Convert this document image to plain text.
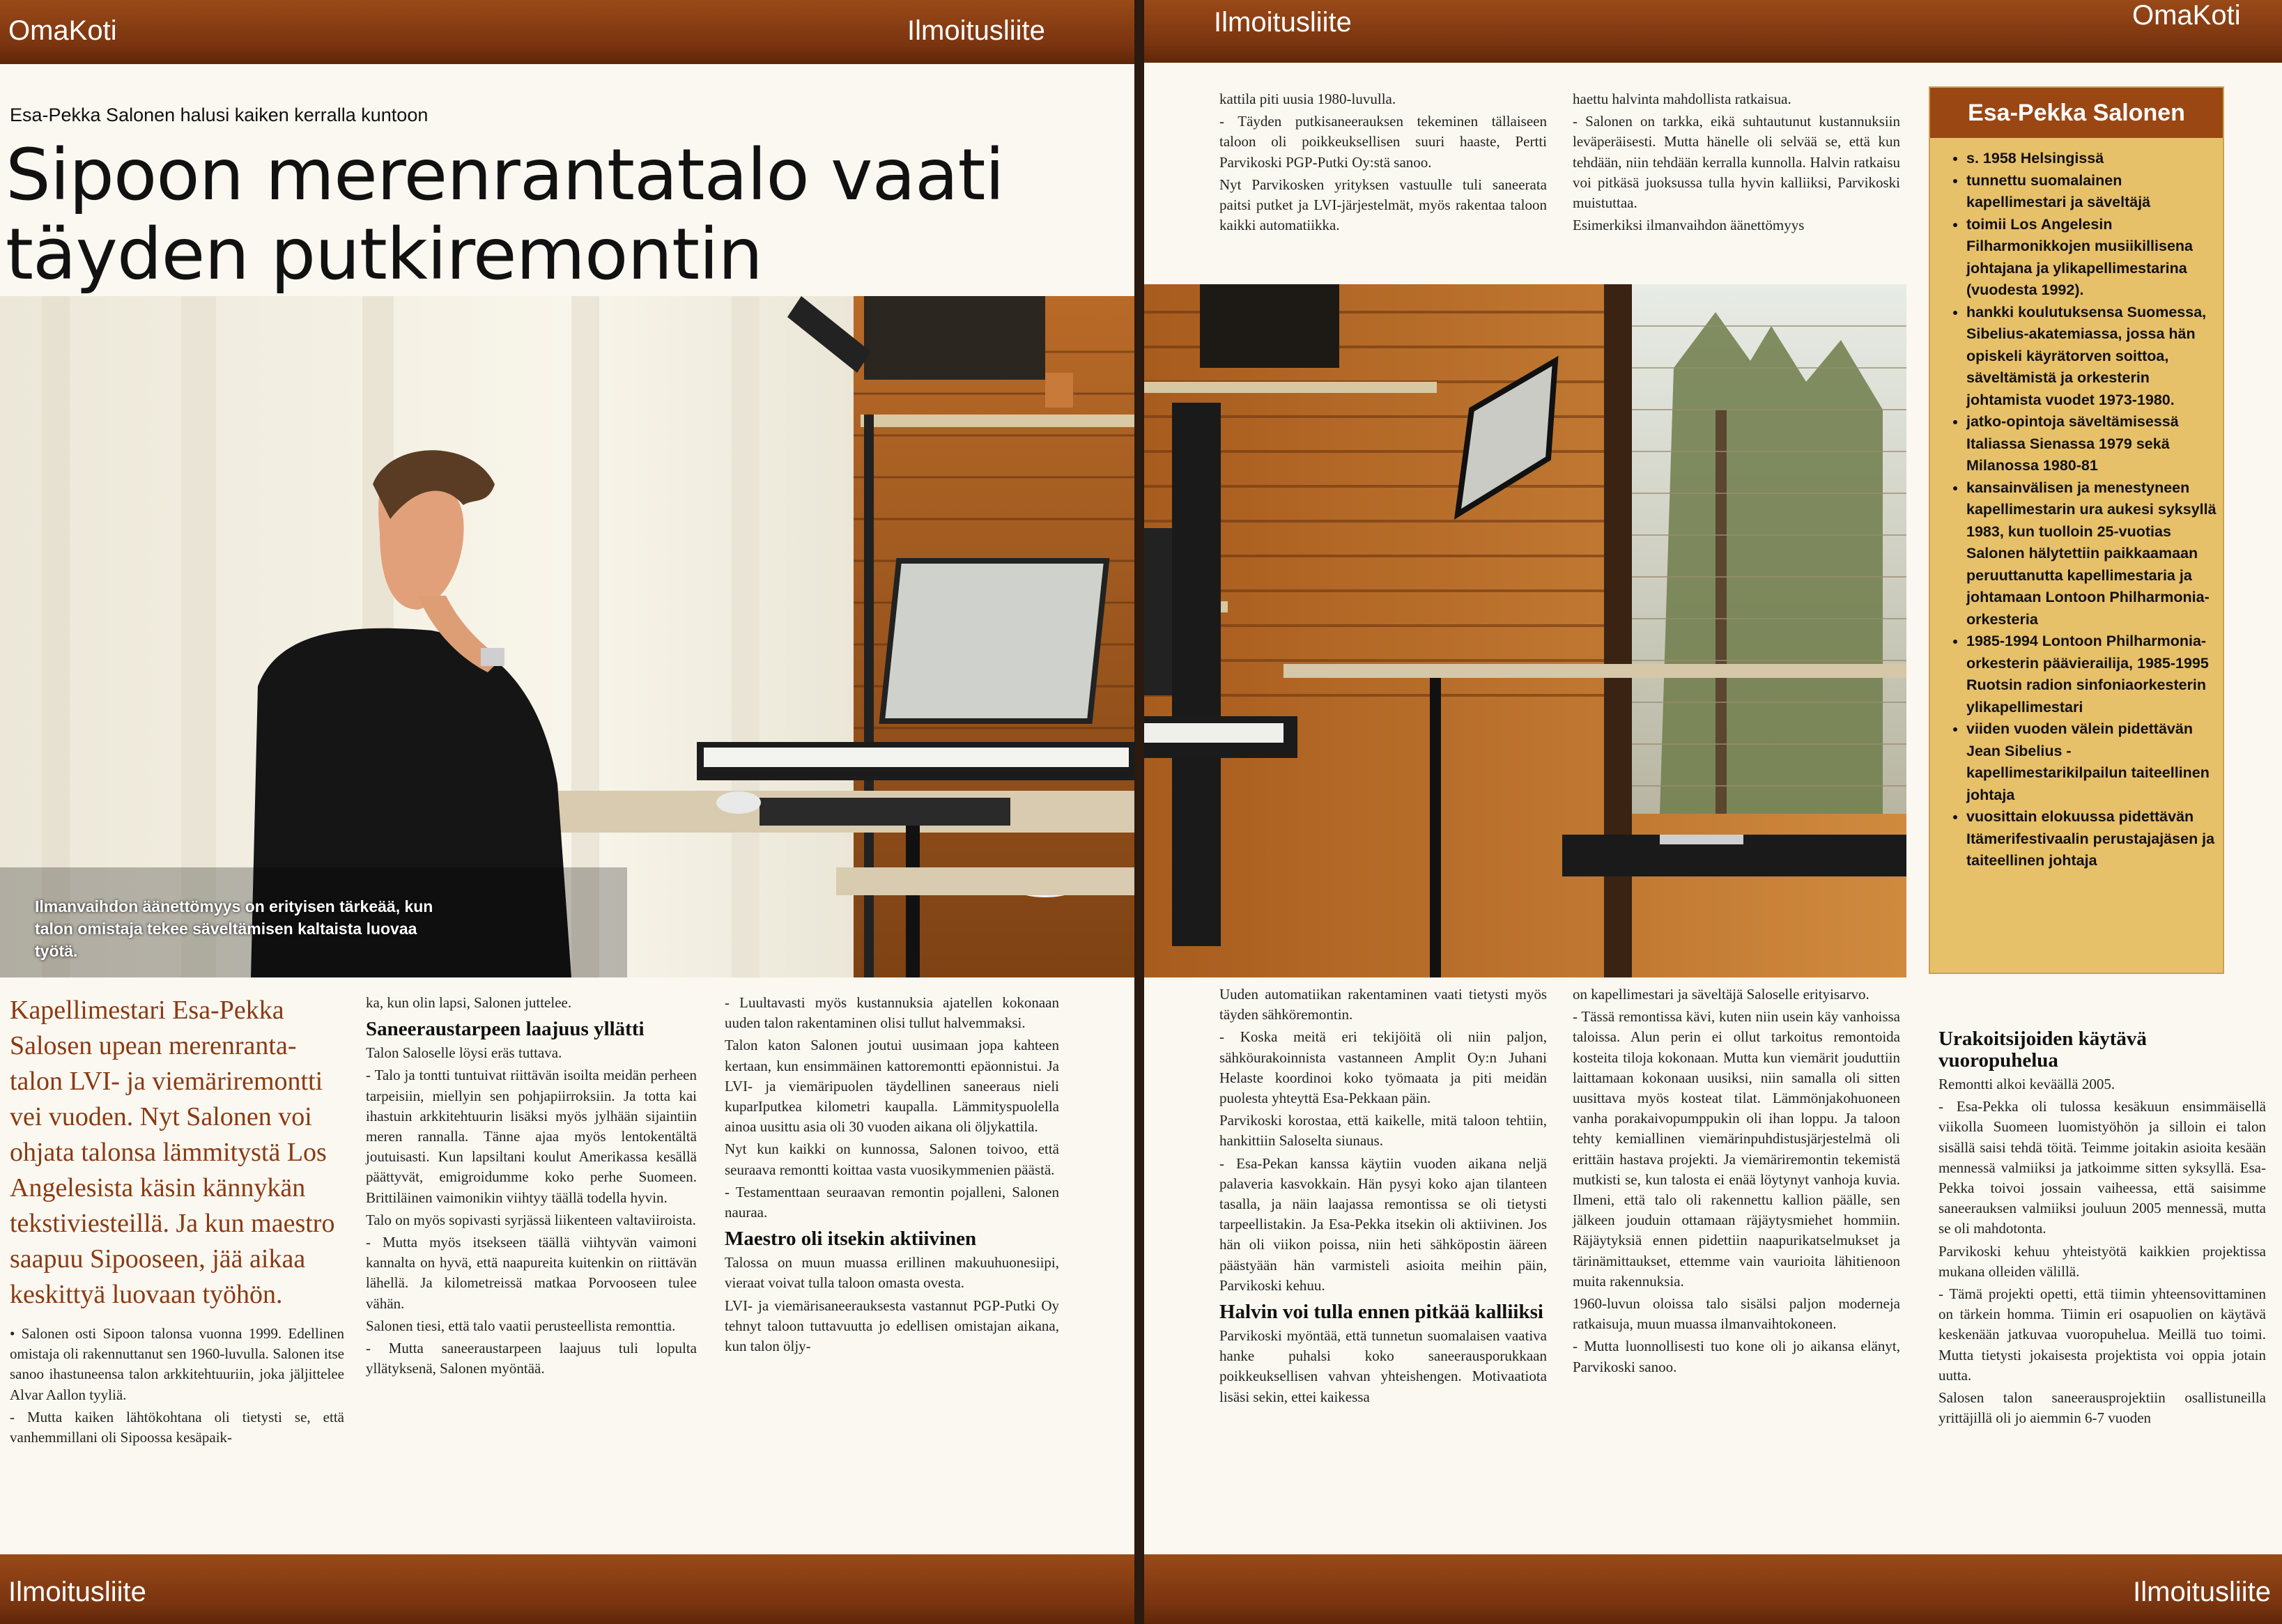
OmaKoti	Ilmoitusliite
Esa-Pekka Salonen halusi kaiken kerralla kuntoon
Sipoon merenrantatalo vaati täyden putkiremontin
Ilmanvaihdon äänettömyys on erityisen tärkeää, kun talon omistaja tekee säveltämisen kaltaista luovaa työtä.

Kapellimestari Esa-Pekka Salosen upean merenranta-talon LVI- ja viemäriremontti vei vuoden. Nyt Salonen voi ohjata talonsa lämmitystä Los Angelesista käsin kännykän tekstiviesteillä. Ja kun maestro saapuu Sipooseen, jää aikaa keskittyä luovaan työhön.

• Salonen osti Sipoon talonsa vuonna 1999. Edellinen omistaja oli rakennuttanut sen 1960-luvulla. Salonen itse sanoo ihastuneensa talon arkkitehtuuriin, joka jäljittelee Alvar Aallon tyyliä.

- Mutta kaiken lähtökohtana oli tietysti se, että vanhemmillani oli Sipoossa kesäpaik-

ka, kun olin lapsi, Salonen juttelee.

Saneeraustarpeen laajuus yllätti

Talon Saloselle löysi eräs tuttava.

- Talo ja tontti tuntuivat riittävän isoilta meidän perheen tarpeisiin, miellyin sen pohjapiirroksiin. Ja totta kai ihastuin arkkitehtuurin lisäksi myös jylhään sijaintiin meren rannalla. Tänne ajaa myös lentokentältä joutuisasti. Kun lapsiltani koulut Amerikassa kesällä päättyvät, emigroidumme koko perhe Suomeen. Brittiläinen vaimonikin viihtyy täällä todella hyvin.

Talo on myös sopivasti syrjässä liikenteen valtaviiroista.

- Mutta myös itsekseen täällä viihtyvän vaimoni kannalta on hyvä, että naapureita kuitenkin on riittävän lähellä. Ja kilometreissä matkaa Porvooseen tulee vähän.

Salonen tiesi, että talo vaatii perusteellista remonttia.

- Mutta saneeraustarpeen laajuus tuli lopulta yllätyksenä, Salonen myöntää.

- Luultavasti myös kustannuksia ajatellen kokonaan uuden talon rakentaminen olisi tullut halvemmaksi.

Talon katon Salonen joutui uusimaan jopa kahteen kertaan, kun ensimmäinen kattoremontti epäonnistui. Ja LVI- ja viemäripuolen täydellinen saneeraus nieli kuparIputkea kilometri kaupalla. Lämmityspuolella ainoa uusittu asia oli 30 vuoden aikana oli öljykattila.

Nyt kun kaikki on kunnossa, Salonen toivoo, että seuraava remontti koittaa vasta vuosikymmenien päästä.

- Testamenttaan seuraavan remontin pojalleni, Salonen nauraa.

Maestro oli itsekin aktiivinen

Talossa on muun muassa erillinen makuuhuonesiipi, vieraat voivat tulla taloon omasta ovesta.

LVI- ja viemärisaneerauksesta vastannut PGP-Putki Oy tehnyt taloon tuttavuutta jo edellisen omistajan aikana, kun talon öljy-

Ilmoitusliite
Ilmoitusliite	OmaKoti

kattila piti uusia 1980-luvulla.

- Täyden putkisaneerauksen tekeminen tällaiseen taloon oli poikkeuksellisen suuri haaste, Pertti Parvikoski PGP-Putki Oy:stä sanoo.

Nyt Parvikosken yrityksen vastuulle tuli saneerata paitsi putket ja LVI-järjestelmät, myös rakentaa taloon kaikki automatiikka.

haettu halvinta mahdollista ratkaisua.

- Salonen on tarkka, eikä suhtautunut kustannuksiin leväperäisesti. Mutta hänelle oli selvää se, että kun tehdään, niin tehdään kerralla kunnolla. Halvin ratkaisu voi pitkäsä juoksussa tulla hyvin kalliiksi, Parvikoski muistuttaa.

Esimerkiksi ilmanvaihdon äänettömyys

Uuden automatiikan rakentaminen vaati tietysti myös täyden sähköremontin.

- Koska meitä eri tekijöitä oli niin paljon, sähköurakoinnista vastanneen Amplit Oy:n Juhani Helaste koordinoi koko työmaata ja piti meidän puolesta yhteyttä Esa-Pekkaan päin.

Parvikoski korostaa, että kaikelle, mitä taloon tehtiin, hankittiin Saloselta siunaus.

- Esa-Pekan kanssa käytiin vuoden aikana neljä palaveria kasvokkain. Hän pysyi koko ajan tilanteen tasalla, ja näin laajassa remontissa se oli tietysti tarpeellistakin. Ja Esa-Pekka itsekin oli aktiivinen. Jos hän oli viikon poissa, niin heti sähköpostin ääreen päästyään hän varmisteli asioita meihin päin, Parvikoski kehuu.

Halvin voi tulla ennen pitkää kalliiksi

Parvikoski myöntää, että tunnetun suomalaisen vaativa hanke puhalsi koko saneerausporukkaan poikkeuksellisen vahvan yhteishengen. Motivaatiota lisäsi sekin, ettei kaikessa

on kapellimestari ja säveltäjä Saloselle erityisarvo.

- Tässä remontissa kävi, kuten niin usein käy vanhoissa taloissa. Alun perin ei ollut tarkoitus remontoida kosteita tiloja kokonaan. Mutta kun viemärit jouduttiin laittamaan kokonaan uusiksi, niin samalla oli sitten uusittava myös kosteat tilat. Lämmönjakohuoneen vanha porakaivopumppukin oli ihan loppu. Ja taloon tehty kemiallinen viemärinpuhdistusjärjestelmä oli erittäin hastava projekti. Ja viemäriremontin tekemistä mutkisti se, kun talosta ei enää löytynyt vanhoja kuvia. Ilmeni, että talo oli rakennettu kallion päälle, sen jälkeen jouduin ottamaan räjäytysmiehet hommiin. Räjäytyksiä ennen pidettiin naapurikatselmukset ja tärinämittaukset, ettemme vain vaurioita lähitienoon muita rakennuksia.

1960-luvun oloissa talo sisälsi paljon moderneja ratkaisuja, muun muassa ilmanvaihtokoneen.

- Mutta luonnollisesti tuo kone oli jo aikansa elänyt, Parvikoski sanoo.

Urakoitsijoiden käytävä vuoropuhelua

Remontti alkoi keväällä 2005.

- Esa-Pekka oli tulossa kesäkuun ensimmäisellä viikolla Suomeen luomistyöhön ja silloin ei talon sisällä saisi tehdä töitä. Teimme joitakin asioita kesään mennessä valmiiksi ja jatkoimme sitten syksyllä. Esa-Pekka toivoi jossain vaiheessa, että saisimme saneerauksen valmiiksi jouluun 2005 mennessä, mutta se oli mahdotonta.

Parvikoski kehuu yhteistyötä kaikkien projektissa mukana olleiden välillä.

- Tämä projekti opetti, että tiimin yhteensovittaminen on tärkein homma. Tiimin eri osapuolien on käytävä keskenään jatkuvaa vuoropuhelua. Meillä tuo toimi. Mutta tietysti jokaisesta projektista voi oppia jotain uutta.

Salosen talon saneerausprojektiin osallistuneilla yrittäjillä oli jo aiemmin 6-7 vuoden

Esa-Pekka Salonen
• s. 1958 Helsingissä
• tunnettu suomalainen kapellimestari ja säveltäjä
• toimii Los Angelesin Filharmonikkojen musiikillisena johtajana ja ylikapellimestarina (vuodesta 1992).
• hankki koulutuksensa Suomessa, Sibelius-akatemiassa, jossa hän opiskeli käyrätorven soittoa, säveltämistä ja orkesterin johtamista vuodet 1973-1980.
• jatko-opintoja säveltämisessä Italiassa Sienassa 1979 sekä Milanossa 1980-81
• kansainvälisen ja menestyneen kapellimestarin ura aukesi syksyllä 1983, kun tuolloin 25-vuotias Salonen hälytettiin paikkaamaan peruuttanutta kapellimestaria ja johtamaan Lontoon Philharmonia-orkesteria
• 1985-1994 Lontoon Philharmonia-orkesterin päävierailija, 1985-1995 Ruotsin radion sinfoniaorkesterin ylikapellimestari
• viiden vuoden välein pidettävän Jean Sibelius -kapellimestarikilpailun taiteellinen johtaja
• vuosittain elokuussa pidettävän Itämerifestivaalin perustajajäsen ja taiteellinen johtaja
Ilmoitusliite
